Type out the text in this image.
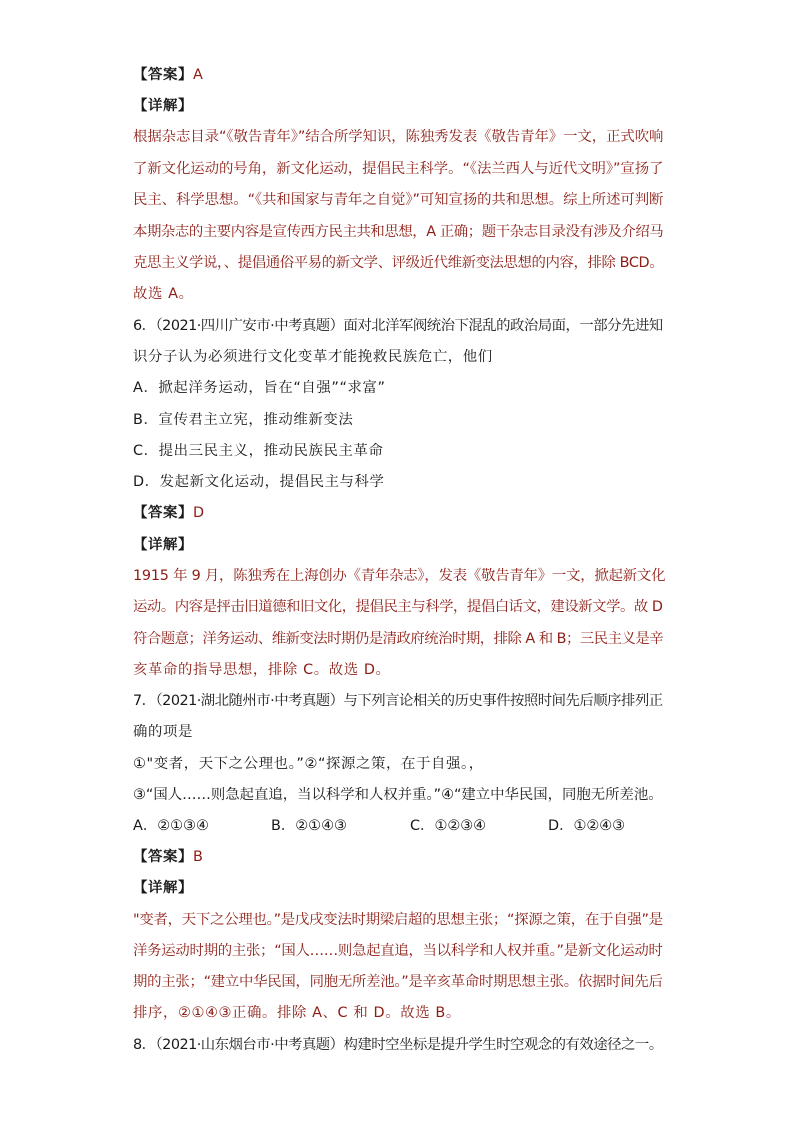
【答案】A
【详解】
根据杂志目录“《敬告青年》”结合所学知识，陈独秀发表《敬告青年》一文，正式吹响
了新文化运动的号角，新文化运动，提倡民主科学。“《法兰西人与近代文明》”宣扬了
民主、科学思想。“《共和国家与青年之自觉》”可知宣扬的共和思想。综上所述可判断
本期杂志的主要内容是宣传西方民主共和思想，A 正确；题干杂志目录没有涉及介绍马
克思主义学说，、提倡通俗平易的新文学、评级近代维新变法思想的内容，排除 BCD。
故选 A。
6．（2021·四川广安市·中考真题）面对北洋军阀统治下混乱的政治局面，一部分先进知
识分子认为必须进行文化变革才能挽救民族危亡，他们
A．掀起洋务运动，旨在“自强”“求富”
B．宣传君主立宪，推动维新变法
C．提出三民主义，推动民族民主革命
D．发起新文化运动，提倡民主与科学
【答案】D
【详解】
1915 年 9 月，陈独秀在上海创办《青年杂志》，发表《敬告青年》一文，掀起新文化
运动。内容是抨击旧道德和旧文化，提倡民主与科学，提倡白话文，建设新文学。故 D
符合题意；洋务运动、维新变法时期仍是清政府统治时期，排除 A 和 B；三民主义是辛
亥革命的指导思想，排除 C。故选 D。
7．（2021·湖北随州市·中考真题）与下列言论相关的历史事件按照时间先后顺序排列正
确的项是
①"变者，天下之公理也。”②“探源之策，在于自强。，
③“国人……则急起直追，当以科学和人权并重。”④“建立中华民国，同胞无所差池。
A．②①③④	B．②①④③	C．①②③④	D．①②④③
【答案】B
【详解】
"变者，天下之公理也。”是戊戌变法时期梁启超的思想主张；“探源之策，在于自强”是
洋务运动时期的主张；“国人……则急起直追，当以科学和人权并重。”是新文化运动时
期的主张；“建立中华民国，同胞无所差池。”是辛亥革命时期思想主张。依据时间先后
排序，②①④③正确。排除 A、C 和 D。故选 B。
8．（2021·山东烟台市·中考真题）构建时空坐标是提升学生时空观念的有效途径之一。
